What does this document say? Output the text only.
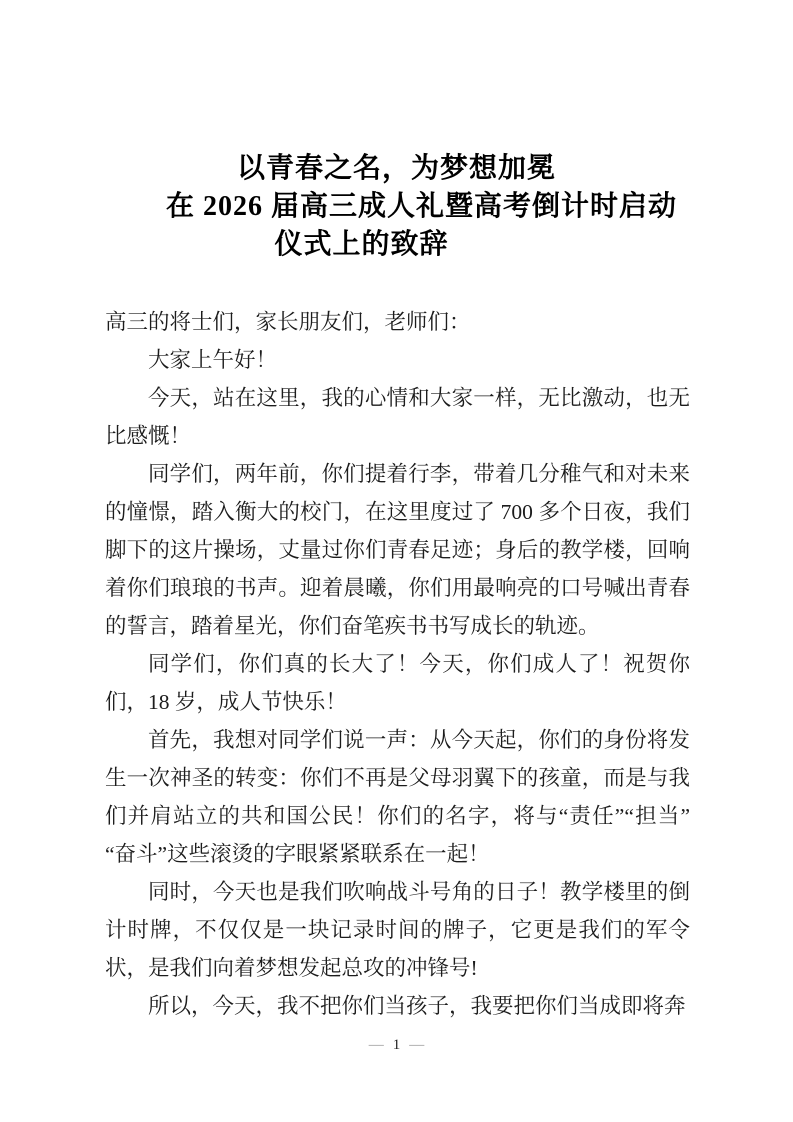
以青春之名，为梦想加冕
在 2026 届高三成人礼暨高考倒计时启动
仪式上的致辞

高三的将士们，家长朋友们，老师们：

大家上午好！

今天，站在这里，我的心情和大家一样，无比激动，也无比感慨！

同学们，两年前，你们提着行李，带着几分稚气和对未来的憧憬，踏入衡大的校门，在这里度过了 700 多个日夜，我们脚下的这片操场，丈量过你们青春足迹；身后的教学楼，回响着你们琅琅的书声。迎着晨曦，你们用最响亮的口号喊出青春的誓言，踏着星光，你们奋笔疾书书写成长的轨迹。

同学们，你们真的长大了！今天，你们成人了！祝贺你们，18 岁，成人节快乐！

首先，我想对同学们说一声：从今天起，你们的身份将发生一次神圣的转变：你们不再是父母羽翼下的孩童，而是与我们并肩站立的共和国公民！你们的名字，将与“责任”“担当”“奋斗”这些滚烫的字眼紧紧联系在一起！

同时，今天也是我们吹响战斗号角的日子！教学楼里的倒计时牌，不仅仅是一块记录时间的牌子，它更是我们的军令状，是我们向着梦想发起总攻的冲锋号!

所以，今天，我不把你们当孩子，我要把你们当成即将奔

— 1 —
